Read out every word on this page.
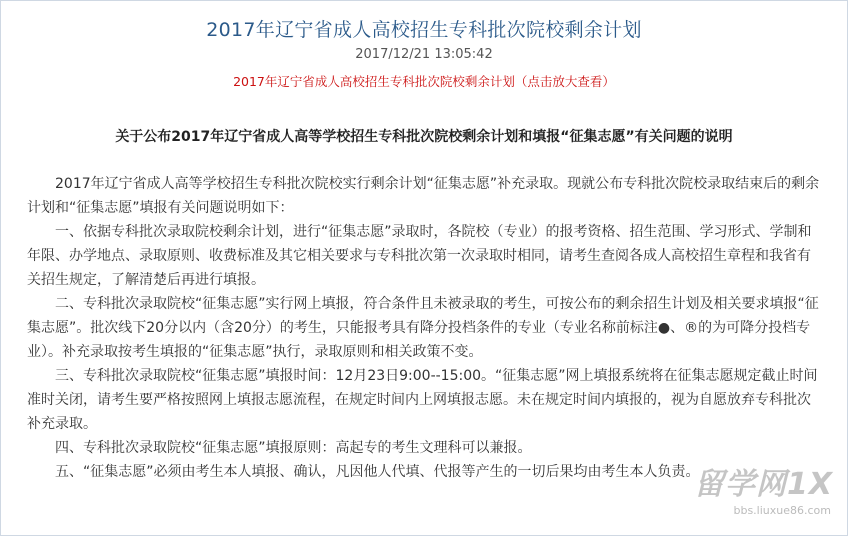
2017年辽宁省成人高校招生专科批次院校剩余计划
2017/12/21 13:05:42
2017年辽宁省成人高校招生专科批次院校剩余计划（点击放大查看）
关于公布2017年辽宁省成人高等学校招生专科批次院校剩余计划和填报“征集志愿”有关问题的说明

2017年辽宁省成人高等学校招生专科批次院校实行剩余计划“征集志愿”补充录取。现就公布专科批次院校录取结束后的剩余计划和“征集志愿”填报有关问题说明如下：

一、依据专科批次录取院校剩余计划，进行“征集志愿”录取时，各院校（专业）的报考资格、招生范围、学习形式、学制和年限、办学地点、录取原则、收费标准及其它相关要求与专科批次第一次录取时相同，请考生查阅各成人高校招生章程和我省有关招生规定，了解清楚后再进行填报。

二、专科批次录取院校“征集志愿”实行网上填报，符合条件且未被录取的考生，可按公布的剩余招生计划及相关要求填报“征集志愿”。批次线下20分以内（含20分）的考生，只能报考具有降分投档条件的专业（专业名称前标注●、®的为可降分投档专业）。补充录取按考生填报的“征集志愿”执行，录取原则和相关政策不变。

三、专科批次录取院校“征集志愿”填报时间：12月23日9:00--15:00。“征集志愿”网上填报系统将在征集志愿规定截止时间准时关闭，请考生要严格按照网上填报志愿流程，在规定时间内上网填报志愿。未在规定时间内填报的，视为自愿放弃专科批次补充录取。

四、专科批次录取院校“征集志愿”填报原则：高起专的考生文理科可以兼报。

五、“征集志愿”必须由考生本人填报、确认，凡因他人代填、代报等产生的一切后果均由考生本人负责。

留学网1X
bbs.liuxue86.com
